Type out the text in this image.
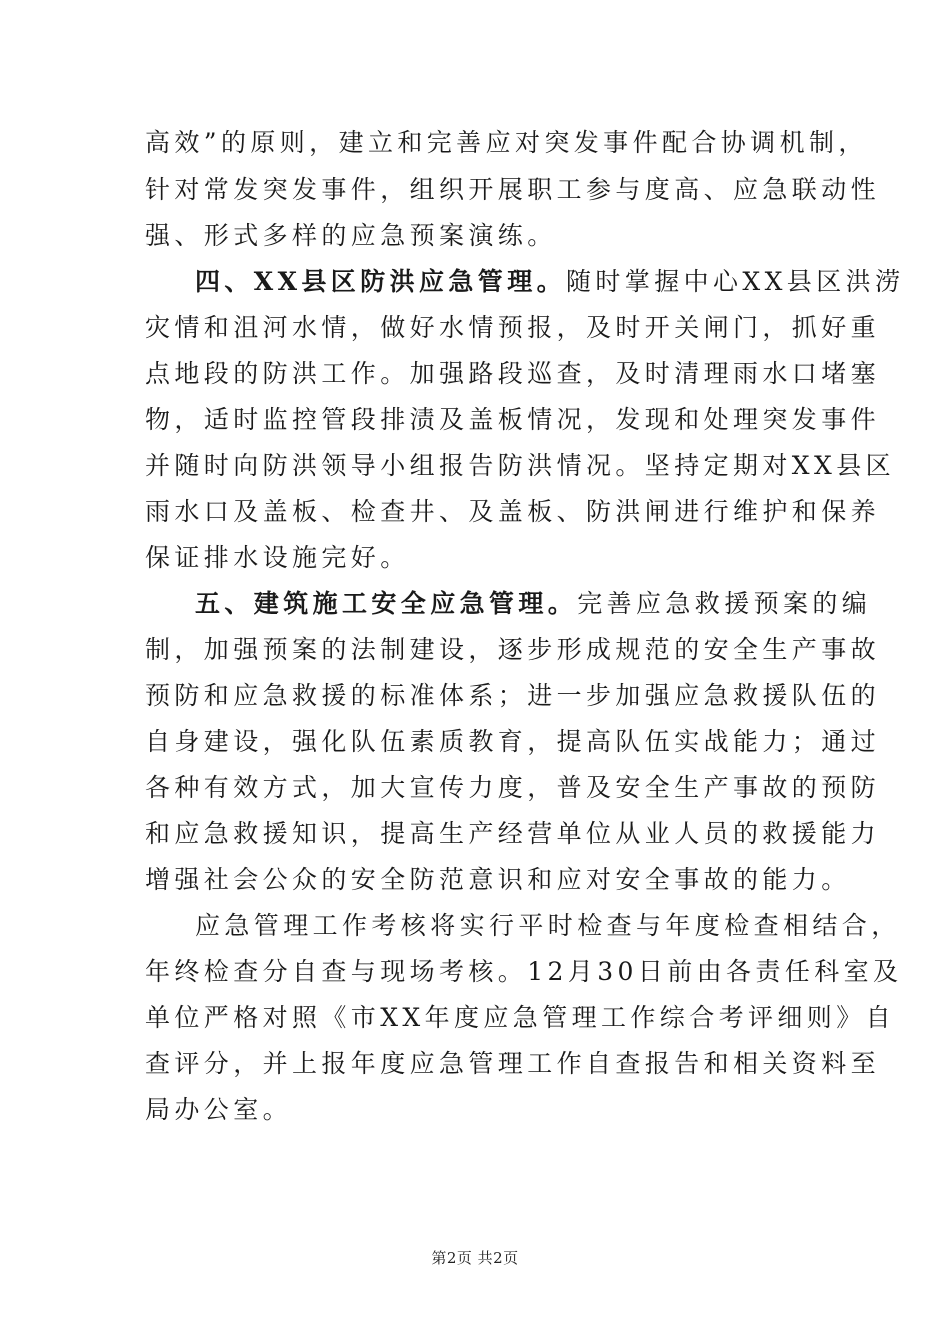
高效”的原则，建立和完善应对突发事件配合协调机制，
针对常发突发事件，组织开展职工参与度高、应急联动性
强、形式多样的应急预案演练。
四、XX县区防洪应急管理。随时掌握中心XX县区洪涝
灾情和沮河水情，做好水情预报，及时开关闸门，抓好重
点地段的防洪工作。加强路段巡查，及时清理雨水口堵塞
物，适时监控管段排渍及盖板情况，发现和处理突发事件
并随时向防洪领导小组报告防洪情况。坚持定期对XX县区
雨水口及盖板、检查井、及盖板、防洪闸进行维护和保养
保证排水设施完好。
五、建筑施工安全应急管理。完善应急救援预案的编
制，加强预案的法制建设，逐步形成规范的安全生产事故
预防和应急救援的标准体系；进一步加强应急救援队伍的
自身建设，强化队伍素质教育，提高队伍实战能力；通过
各种有效方式，加大宣传力度，普及安全生产事故的预防
和应急救援知识，提高生产经营单位从业人员的救援能力
增强社会公众的安全防范意识和应对安全事故的能力。
应急管理工作考核将实行平时检查与年度检查相结合，
年终检查分自查与现场考核。12月30日前由各责任科室及
单位严格对照《市XX年度应急管理工作综合考评细则》自
查评分，并上报年度应急管理工作自查报告和相关资料至
局办公室。
第2页 共2页
